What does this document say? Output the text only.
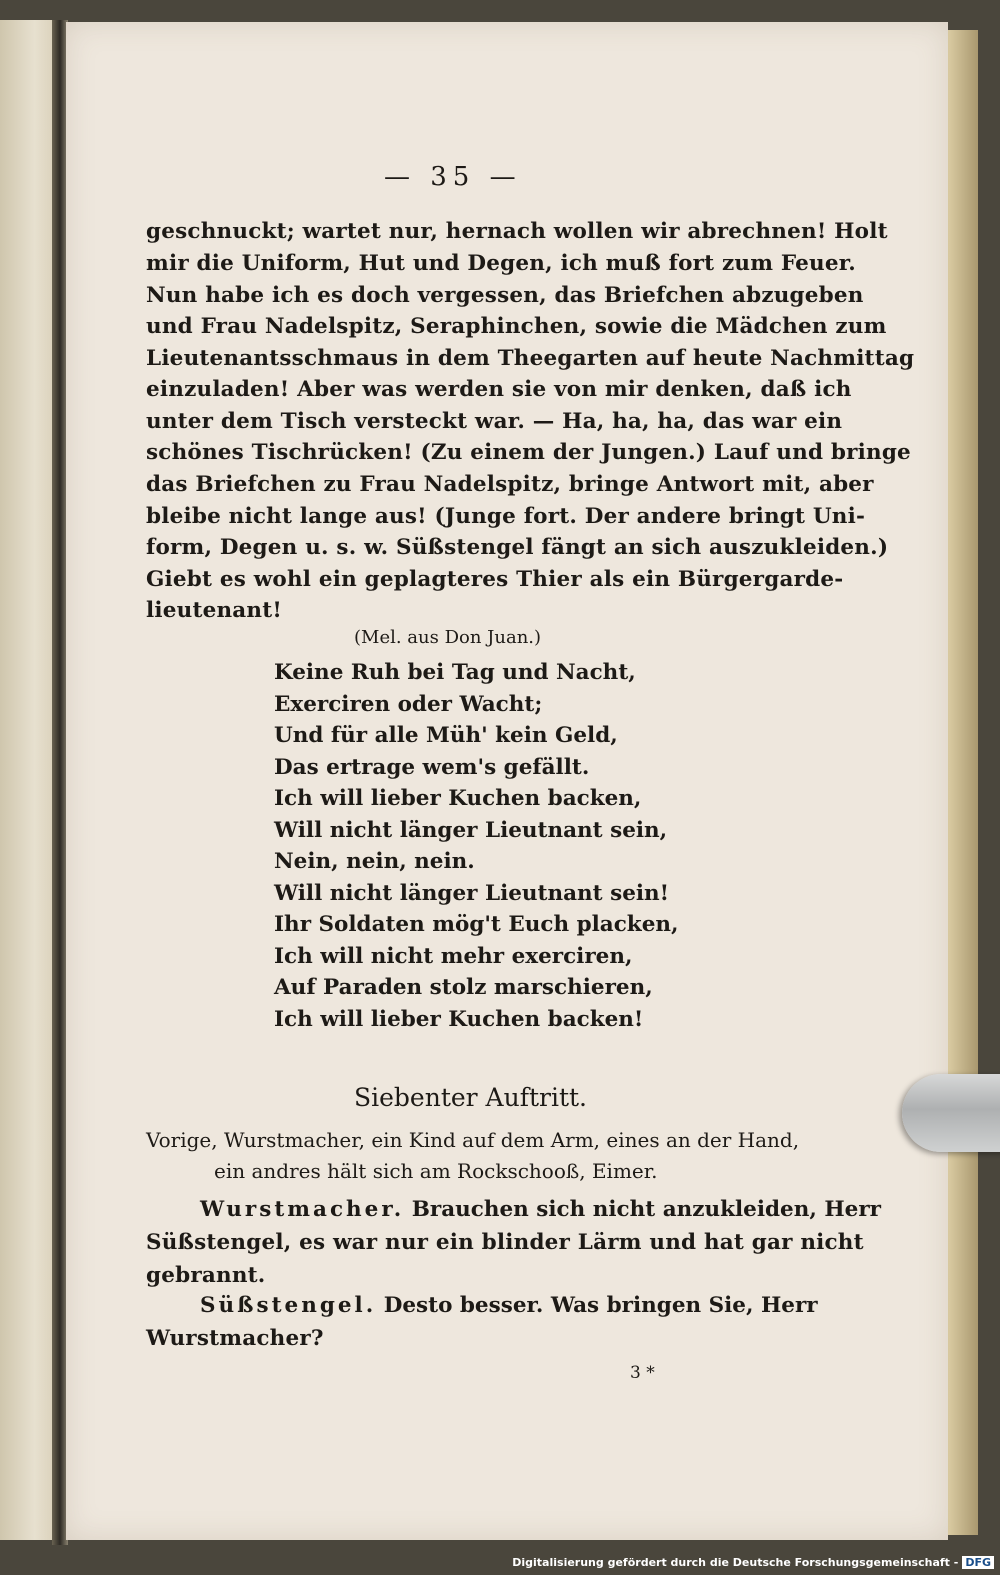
— 35 —
geschnuckt; wartet nur, hernach wollen wir abrechnen! Holt
mir die Uniform, Hut und Degen, ich muß fort zum Feuer.
Nun habe ich es doch vergessen, das Briefchen abzugeben
und Frau Nadelspitz, Seraphinchen, sowie die Mädchen zum
Lieutenantsschmaus in dem Theegarten auf heute Nachmittag
einzuladen! Aber was werden sie von mir denken, daß ich
unter dem Tisch versteckt war. — Ha, ha, ha, das war ein
schönes Tischrücken! (Zu einem der Jungen.) Lauf und bringe
das Briefchen zu Frau Nadelspitz, bringe Antwort mit, aber
bleibe nicht lange aus! (Junge fort. Der andere bringt Uni-
form, Degen u. s. w. Süßstengel fängt an sich auszukleiden.)
Giebt es wohl ein geplagteres Thier als ein Bürgergarde-
lieutenant!
(Mel. aus Don Juan.)
Keine Ruh bei Tag und Nacht,
Exerciren oder Wacht;
Und für alle Müh' kein Geld,
Das ertrage wem's gefällt.
Ich will lieber Kuchen backen,
Will nicht länger Lieutnant sein,
Nein, nein, nein.
Will nicht länger Lieutnant sein!
Ihr Soldaten mög't Euch placken,
Ich will nicht mehr exerciren,
Auf Paraden stolz marschieren,
Ich will lieber Kuchen backen!
Siebenter Auftritt.
Vorige, Wurstmacher, ein Kind auf dem Arm, eines an der Hand,
ein andres hält sich am Rockschooß, Eimer.
Wurstmacher. Brauchen sich nicht anzukleiden, Herr
Süßstengel, es war nur ein blinder Lärm und hat gar nicht
gebrannt.
Süßstengel. Desto besser. Was bringen Sie, Herr
Wurstmacher?
3 *
Digitalisierung gefördert durch die Deutsche Forschungsgemeinschaft - DFG
